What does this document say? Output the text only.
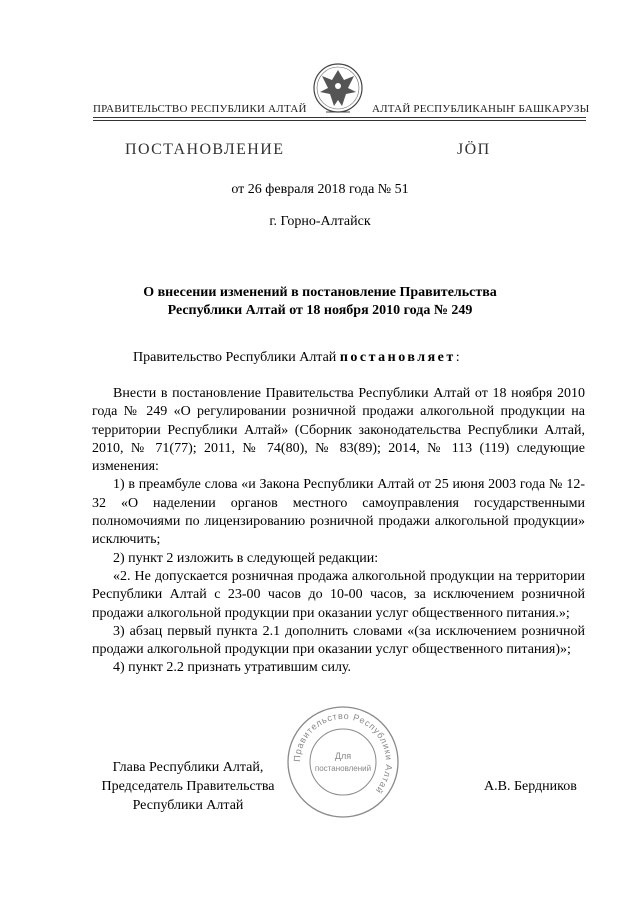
ПРАВИТЕЛЬСТВО РЕСПУБЛИКИ АЛТАЙ	АЛТАЙ РЕСПУБЛИКАНЫҤ БАШКАРУЗЫ
ПОСТАНОВЛЕНИЕ	JÖП
от 26 февраля 2018 года № 51
г. Горно-Алтайск
О внесении изменений в постановление Правительства
Республики Алтай от 18 ноября 2010 года № 249
Правительство Республики Алтай постановляет:

Внести в постановление Правительства Республики Алтай от 18 ноября 2010 года № 249 «О регулировании розничной продажи алкогольной продукции на территории Республики Алтай» (Сборник законодательства Республики Алтай, 2010, № 71(77); 2011, № 74(80), № 83(89); 2014, № 113 (119) следующие изменения:

1) в преамбуле слова «и Закона Республики Алтай от 25 июня 2003 года № 12-32 «О наделении органов местного самоуправления государственными полномочиями по лицензированию розничной продажи алкогольной продукции» исключить;

2) пункт 2 изложить в следующей редакции:

«2. Не допускается розничная продажа алкогольной продукции на территории Республики Алтай с 23-00 часов до 10-00 часов, за исключением розничной продажи алкогольной продукции при оказании услуг общественного питания.»;

3) абзац первый пункта 2.1 дополнить словами «(за исключением розничной продажи алкогольной продукции при оказании услуг общественного питания)»;

4) пункт 2.2 признать утратившим силу.

Глава Республики Алтай,
Председатель Правительства
Республики Алтай
А.В. Бердников
Правительство Республики Алтай
Для
постановлений
